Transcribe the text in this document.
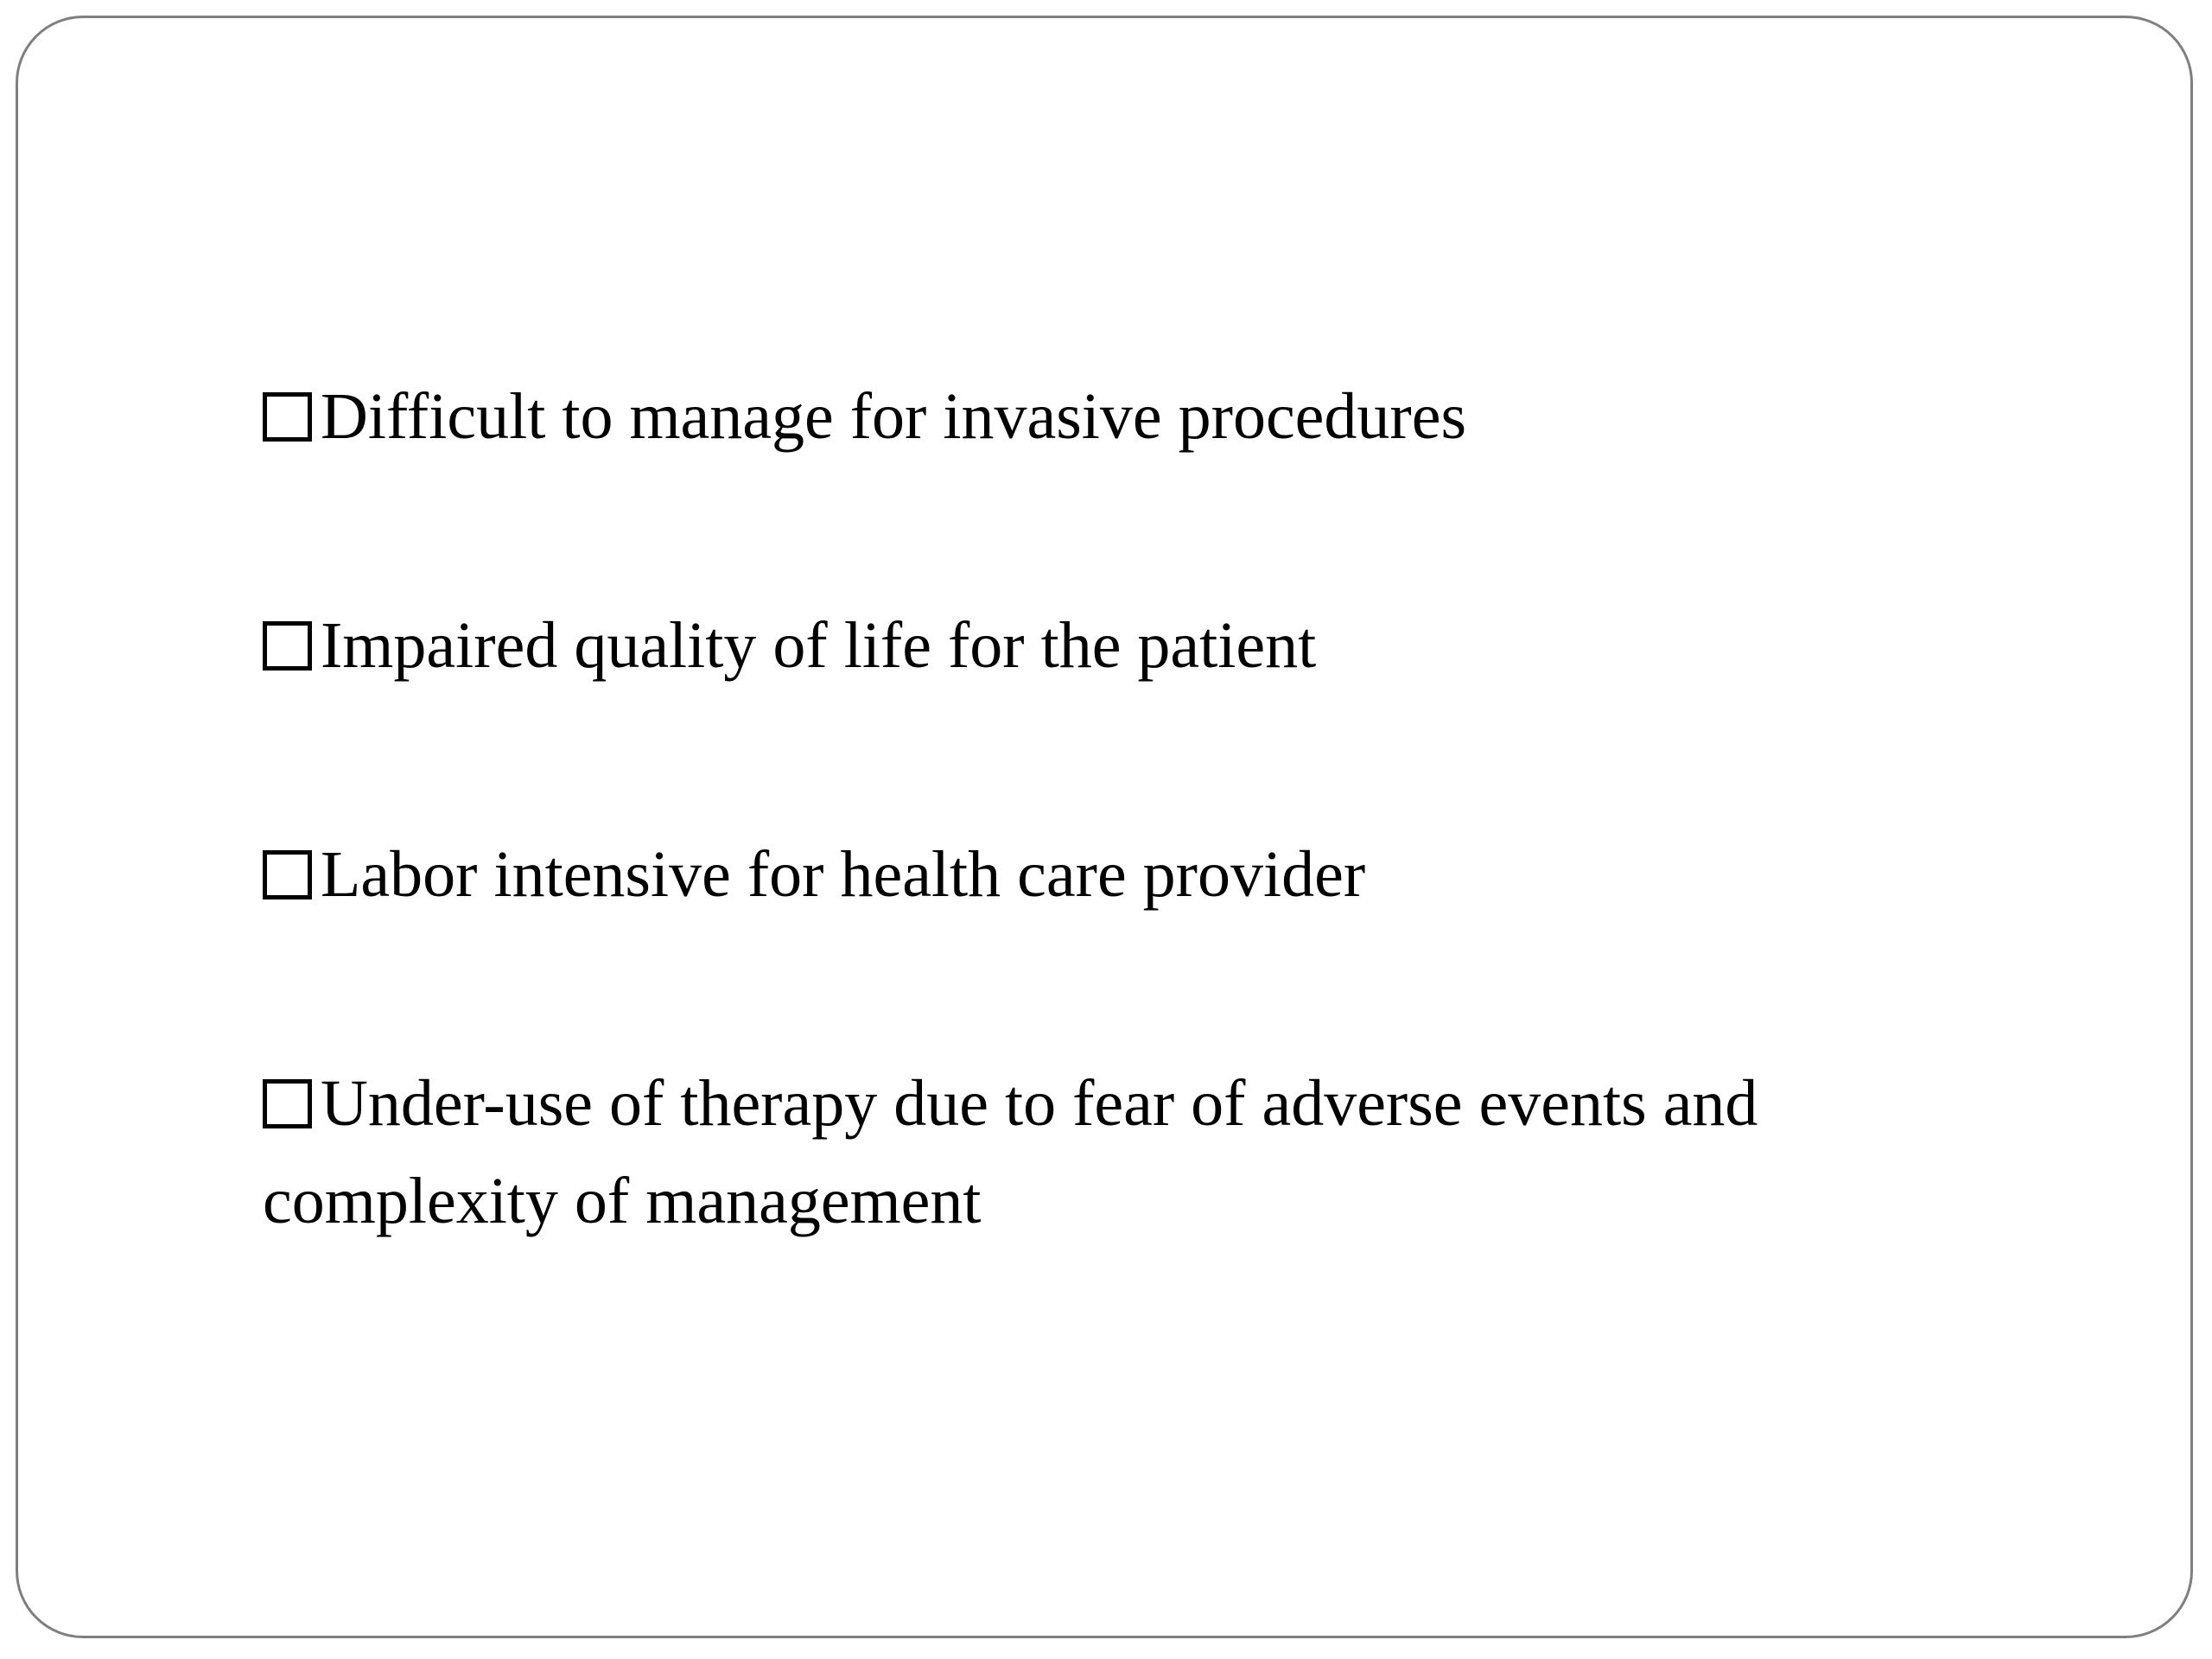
Difficult to manage for invasive procedures
Impaired quality of life for the patient
Labor intensive for health care provider
Under-use of therapy due to fear of adverse events and complexity of management
